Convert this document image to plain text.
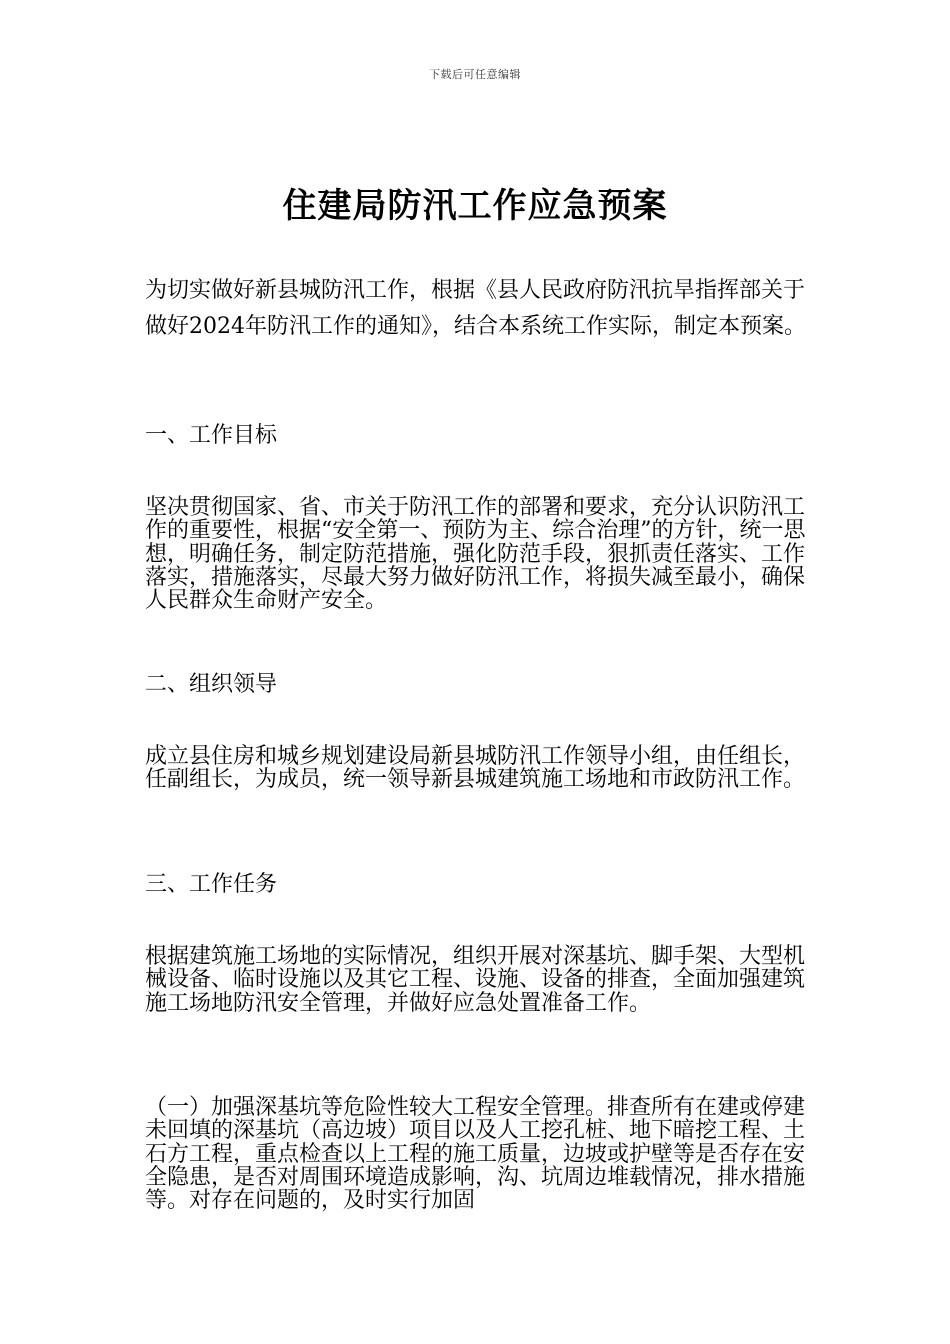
下载后可任意编辑
住建局防汛工作应急预案
为切实做好新县城防汛工作，根据《县人民政府防汛抗旱指挥部关于做好2024年防汛工作的通知》，结合本系统工作实际，制定本预案。
一、工作目标
坚决贯彻国家、省、市关于防汛工作的部署和要求，充分认识防汛工作的重要性，根据“安全第一、预防为主、综合治理”的方针，统一思想，明确任务，制定防范措施，强化防范手段，狠抓责任落实、工作落实，措施落实，尽最大努力做好防汛工作，将损失减至最小，确保人民群众生命财产安全。
二、组织领导
成立县住房和城乡规划建设局新县城防汛工作领导小组，由任组长，任副组长，为成员，统一领导新县城建筑施工场地和市政防汛工作。
三、工作任务
根据建筑施工场地的实际情况，组织开展对深基坑、脚手架、大型机械设备、临时设施以及其它工程、设施、设备的排查，全面加强建筑施工场地防汛安全管理，并做好应急处置准备工作。
（一）加强深基坑等危险性较大工程安全管理。排查所有在建或停建未回填的深基坑（高边坡）项目以及人工挖孔桩、地下暗挖工程、土石方工程，重点检查以上工程的施工质量，边坡或护壁等是否存在安全隐患，是否对周围环境造成影响，沟、坑周边堆载情况，排水措施等。对存在问题的，及时实行加固
